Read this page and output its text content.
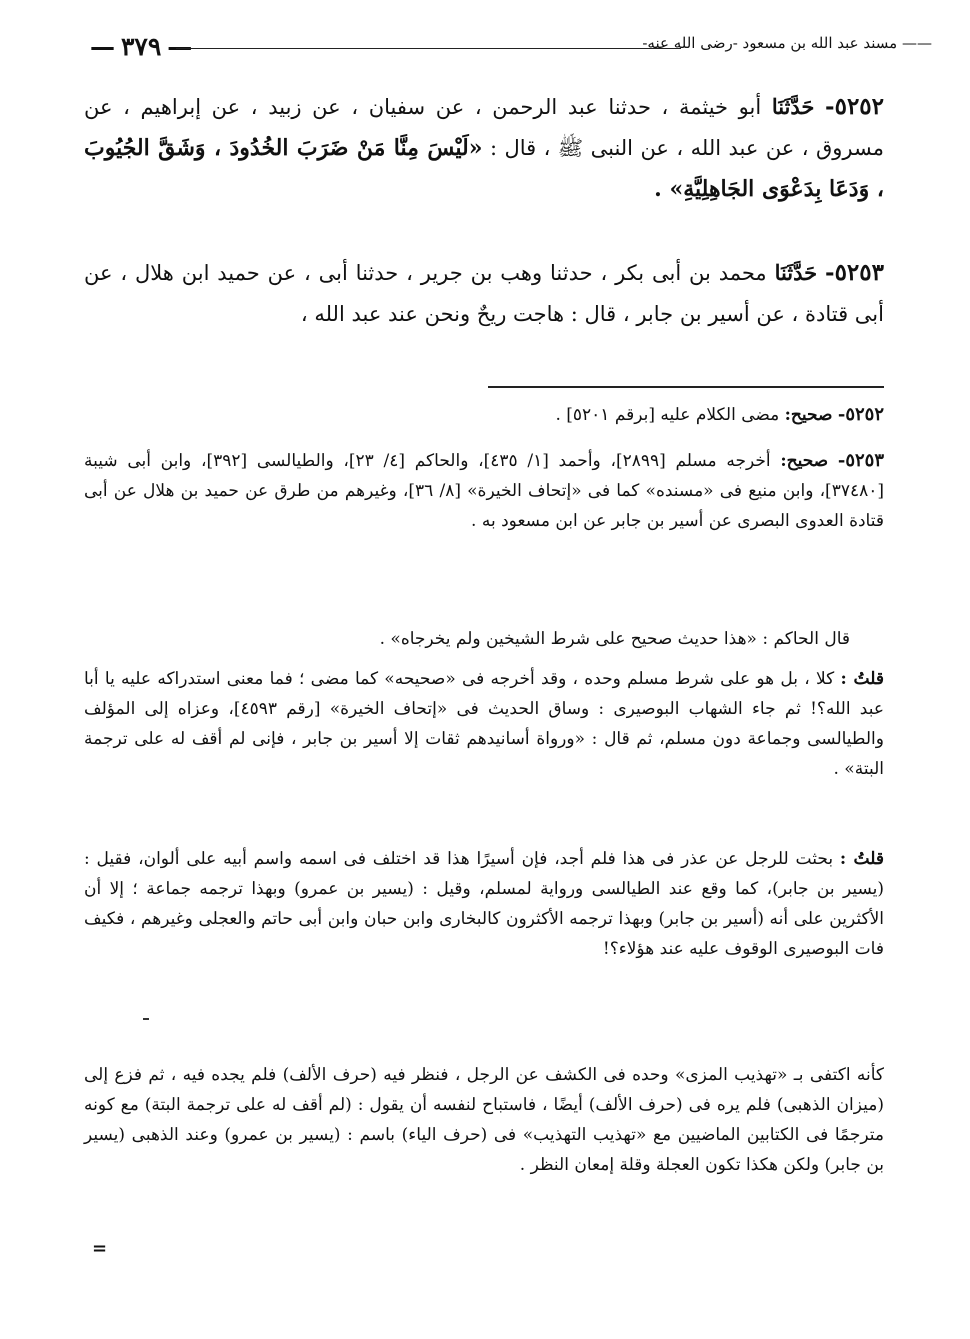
—٣٧٩—	—— مسند عبد الله بن مسعود -رضى الله عنه-
٥٢٥٢- حَدَّثَنَا أبو خيثمة ، حدثنا عبد الرحمن ، عن سفيان ، عن زبيد ، عن إبراهيم ، عن مسروق ، عن عبد الله ، عن النبى ﷺ ، قال : «لَيْسَ مِنَّا مَنْ ضَرَبَ الخُدُودَ ، وَشَقَّ الجُيُوبَ ، وَدَعَا بِدَعْوَى الجَاهِلِيَّةِ» .
٥٢٥٣- حَدَّثَنَا محمد بن أبى بكر ، حدثنا وهب بن جرير ، حدثنا أبى ، عن حميد ابن هلال ، عن أبى قتادة ، عن أسير بن جابر ، قال : هاجت ريحٌ ونحن عند عبد الله ،
٥٢٥٢- صحيح: مضى الكلام عليه [برقم ٥٢٠١] .
٥٢٥٣- صحيح: أخرجه مسلم [٢٨٩٩]، وأحمد [١/ ٤٣٥]، والحاكم [٤/ ٢٣]، والطيالسى [٣٩٢]، وابن أبى شيبة [٣٧٤٨٠]، وابن منيع فى «مسنده» كما فى «إتحاف الخيرة» [٨/ ٣٦]، وغيرهم من طرق عن حميد بن هلال عن أبى قتادة العدوى البصرى عن أسير بن جابر عن ابن مسعود به .
قال الحاكم : «هذا حديث صحيح على شرط الشيخين ولم يخرجاه» .
قلتُ : كلا ، بل هو على شرط مسلم وحده ، وقد أخرجه فى «صحيحه» كما مضى ؛ فما معنى استدراكه عليه يا أبا عبد الله؟! ثم جاء الشهاب البوصيرى : وساق الحديث فى «إتحاف الخيرة» [رقم ٤٥٩٣]، وعزاه إلى المؤلف والطيالسى وجماعة دون مسلم، ثم قال : «ورواة أسانيدهم ثقات إلا أسير بن جابر ، فإنى لم أقف له على ترجمة البتة» .
قلتُ : بحثت للرجل عن عذر فى هذا فلم أجد، فإن أسيرًا هذا قد اختلف فى اسمه واسم أبيه على ألوان، فقيل : (يسير بن جابر)، كما وقع عند الطيالسى ورواية لمسلم، وقيل : (يسير بن عمرو) وبهذا ترجمه جماعة ؛ إلا أن الأكثرين على أنه (أسير بن جابر) وبهذا ترجمه الأكثرون كالبخارى وابن حبان وابن أبى حاتم والعجلى وغيرهم ، فكيف فات البوصيرى الوقوف عليه عند هؤلاء؟!
كأنه اكتفى بـ «تهذيب المزى» وحده فى الكشف عن الرجل ، فنظر فيه (حرف الألف) فلم يجده فيه ، ثم فزع إلى (ميزان الذهبى) فلم يره فى (حرف الألف) أيضًا ، فاستباح لنفسه أن يقول : (لم أقف له على ترجمة البتة) مع كونه مترجمًا فى الكتابين الماضيين مع «تهذيب التهذيب» فى (حرف الياء) باسم : (يسير بن عمرو) وعند الذهبى (يسير بن جابر) ولكن هكذا تكون العجلة وقلة إمعان النظر .
=
